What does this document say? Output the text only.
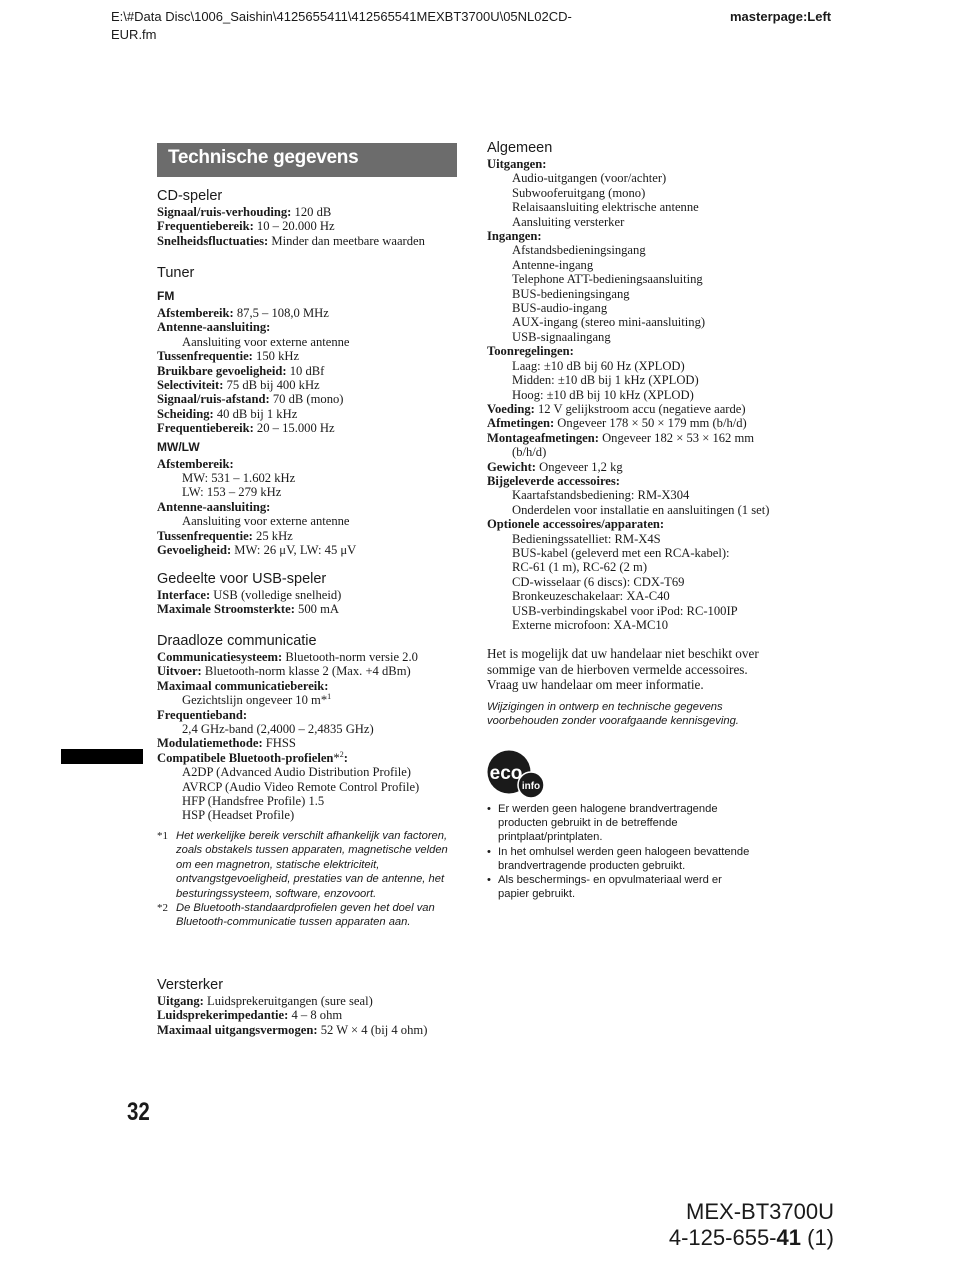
E:\#Data Disc\1006_Saishin\4125655411\412565541MEXBT3700U\05NL02CD-
EUR.fm
masterpage:Left
Technische gegevens
CD-speler
Signaal/ruis-verhouding: 120 dB
Frequentiebereik: 10 – 20.000 Hz
Snelheidsfluctuaties: Minder dan meetbare waarden
Tuner
FM
Afstembereik: 87,5 – 108,0 MHz
Antenne-aansluiting:
Aansluiting voor externe antenne
Tussenfrequentie: 150 kHz
Bruikbare gevoeligheid: 10 dBf
Selectiviteit: 75 dB bij 400 kHz
Signaal/ruis-afstand: 70 dB (mono)
Scheiding: 40 dB bij 1 kHz
Frequentiebereik: 20 – 15.000 Hz
MW/LW
Afstembereik:
MW: 531 – 1.602 kHz
LW: 153 – 279 kHz
Antenne-aansluiting:
Aansluiting voor externe antenne
Tussenfrequentie: 25 kHz
Gevoeligheid: MW: 26 μV, LW: 45 μV
Gedeelte voor USB-speler
Interface: USB (volledige snelheid)
Maximale Stroomsterkte: 500 mA
Draadloze communicatie
Communicatiesysteem: Bluetooth-norm versie 2.0
Uitvoer: Bluetooth-norm klasse 2 (Max. +4 dBm)
Maximaal communicatiebereik:
Gezichtslijn ongeveer 10 m*$^1$
Frequentieband:
2,4 GHz-band (2,4000 – 2,4835 GHz)
Modulatiemethode: FHSS
Compatibele Bluetooth-profielen*$^2$:
A2DP (Advanced Audio Distribution Profile)
AVRCP (Audio Video Remote Control Profile)
HFP (Handsfree Profile) 1.5
HSP (Headset Profile)
*1 Het werkelijke bereik verschilt afhankelijk van factoren, zoals obstakels tussen apparaten, magnetische velden om een magnetron, statische elektriciteit, ontvangstgevoeligheid, prestaties van de antenne, het besturingssysteem, software, enzovoort.
*2 De Bluetooth-standaardprofielen geven het doel van Bluetooth-communicatie tussen apparaten aan.
Versterker
Uitgang: Luidsprekeruitgangen (sure seal)
Luidsprekerimpedantie: 4 – 8 ohm
Maximaal uitgangsvermogen: 52 W × 4 (bij 4 ohm)
Algemeen
Uitgangen:
Audio-uitgangen (voor/achter)
Subwooferuitgang (mono)
Relaisaansluiting elektrische antenne
Aansluiting versterker
Ingangen:
Afstandsbedieningsingang
Antenne-ingang
Telephone ATT-bedieningsaansluiting
BUS-bedieningsingang
BUS-audio-ingang
AUX-ingang (stereo mini-aansluiting)
USB-signaalingang
Toonregelingen:
Laag: ±10 dB bij 60 Hz (XPLOD)
Midden: ±10 dB bij 1 kHz (XPLOD)
Hoog: ±10 dB bij 10 kHz (XPLOD)
Voeding: 12 V gelijkstroom accu (negatieve aarde)
Afmetingen: Ongeveer 178 × 50 × 179 mm (b/h/d)
Montageafmetingen: Ongeveer 182 × 53 × 162 mm
(b/h/d)
Gewicht: Ongeveer 1,2 kg
Bijgeleverde accessoires:
Kaartafstandsbediening: RM-X304
Onderdelen voor installatie en aansluitingen (1 set)
Optionele accessoires/apparaten:
Bedieningssatelliet: RM-X4S
BUS-kabel (geleverd met een RCA-kabel):
RC-61 (1 m), RC-62 (2 m)
CD-wisselaar (6 discs): CDX-T69
Bronkeuzeschakelaar: XA-C40
USB-verbindingskabel voor iPod: RC-100IP
Externe microfoon: XA-MC10
Het is mogelijk dat uw handelaar niet beschikt over
sommige van de hierboven vermelde accessoires.
Vraag uw handelaar om meer informatie.
Wijzigingen in ontwerp en technische gegevens
voorbehouden zonder voorafgaande kennisgeving.
eco
info
• Er werden geen halogene brandvertragende
producten gebruikt in de betreffende
printplaat/printplaten.
• In het omhulsel werden geen halogeen bevattende
brandvertragende producten gebruikt.
• Als beschermings- en opvulmateriaal werd er
papier gebruikt.
32
MEX-BT3700U
4-125-655-41 (1)
